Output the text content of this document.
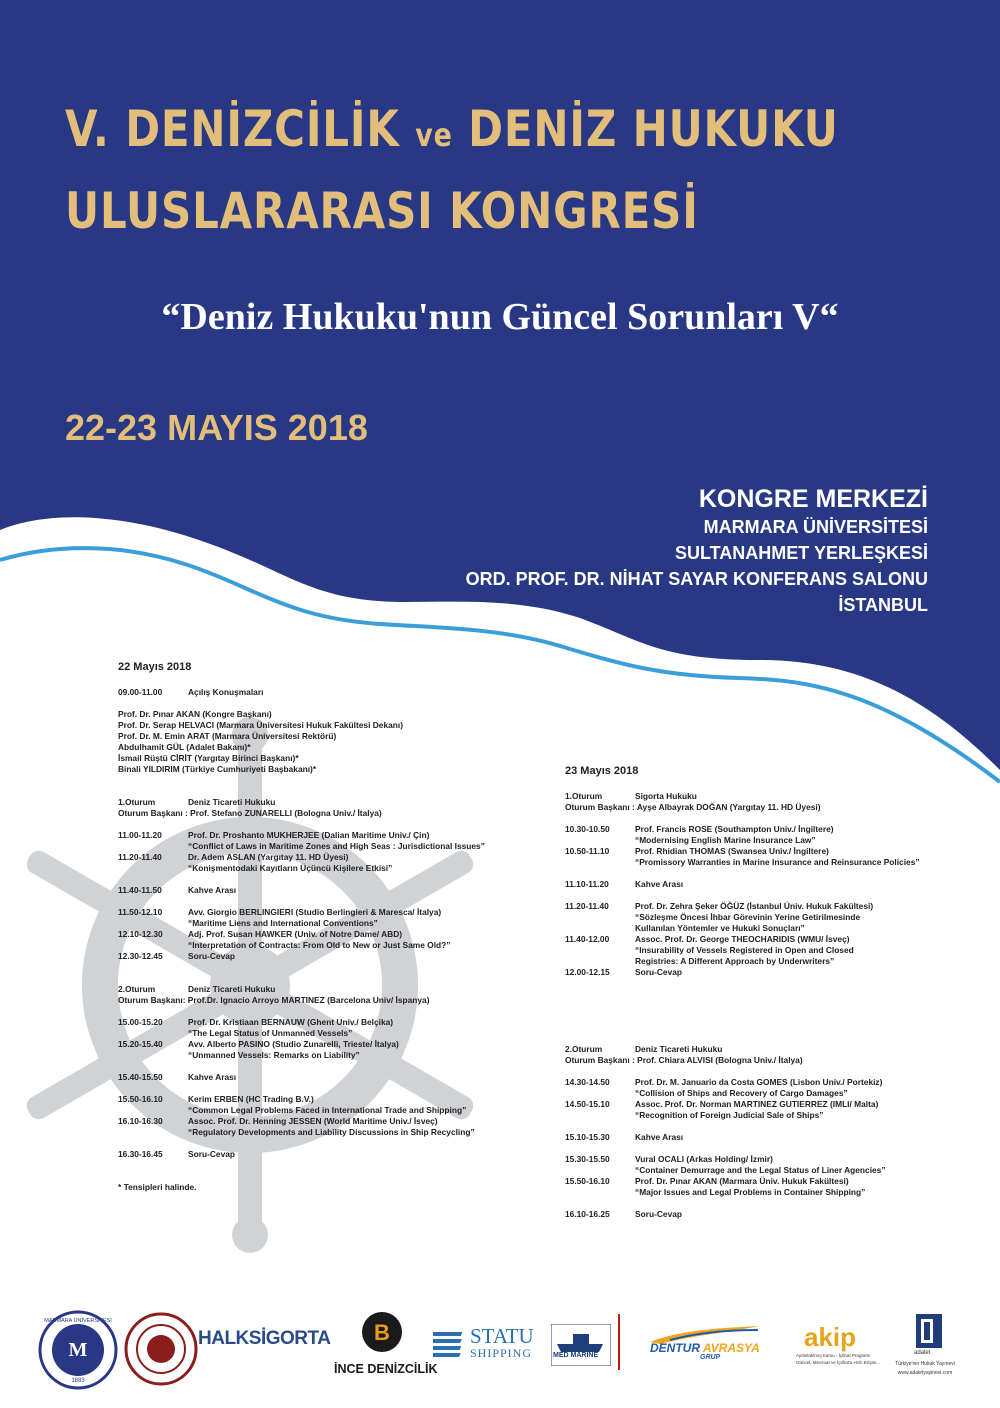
V. DENİZCİLİK ve DENİZ HUKUKU
ULUSLARARASI KONGRESİ
“Deniz Hukuku'nun Güncel Sorunları V“
22-23 MAYIS 2018
KONGRE MERKEZİ
MARMARA ÜNİVERSİTESİ
SULTANAHMET YERLEŞKESİ
ORD. PROF. DR. NİHAT SAYAR KONFERANS SALONU
İSTANBUL
22 Mayıs 2018
09.00-11.00	Açılış Konuşmaları
Prof. Dr. Pınar AKAN (Kongre Başkanı)
Prof. Dr. Serap HELVACI (Marmara Üniversitesi Hukuk Fakültesi Dekanı)
Prof. Dr. M. Emin ARAT (Marmara Üniversitesi Rektörü)
Abdulhamit GÜL (Adalet Bakanı)*
İsmail Rüştü CİRİT (Yargıtay Birinci Başkanı)*
Binali YILDIRIM (Türkiye Cumhuriyeti Başbakanı)*
1.Oturum	Deniz Ticareti Hukuku
Oturum Başkanı : Prof. Stefano ZUNARELLI (Bologna Univ./ İtalya)
11.00-11.20	Prof. Dr. Proshanto MUKHERJEE (Dalian Maritime Univ./ Çin)
“Conflict of Laws in Maritime Zones and High Seas : Jurisdictional Issues”
11.20-11.40	Dr. Adem ASLAN (Yargıtay 11. HD Üyesi)
“Konişmentodaki Kayıtların Üçüncü Kişilere Etkisi”
11.40-11.50	Kahve Arası
11.50-12.10	Avv. Giorgio BERLINGIERI (Studio Berlingieri & Maresca/ İtalya)
“Maritime Liens and International Conventions”
12.10-12.30	Adj. Prof. Susan HAWKER (Univ. of Notre Dame/ ABD)
“Interpretation of Contracts: From Old to New or Just Same Old?”
12.30-12.45	Soru-Cevap
2.Oturum	Deniz Ticareti Hukuku
Oturum Başkanı: Prof.Dr. Ignacio Arroyo MARTINEZ (Barcelona Univ/ İspanya)
15.00-15.20	Prof. Dr. Kristiaan BERNAUW (Ghent Univ./ Belçika)
“The Legal Status of Unmanned Vessels”
15.20-15.40	Avv. Alberto PASINO (Studio Zunarelli, Trieste/ İtalya)
“Unmanned Vessels: Remarks on Liability”
15.40-15.50	Kahve Arası
15.50-16.10	Kerim ERBEN (HC Trading B.V.)
“Common Legal Problems Faced in International Trade and Shipping”
16.10-16.30	Assoc. Prof. Dr. Henning JESSEN (World Maritime Univ./ İsveç)
“Regulatory Developments and Liability Discussions in Ship Recycling”
16.30-16.45	Soru-Cevap
* Tensipleri halinde.
23 Mayıs 2018
1.Oturum	Sigorta Hukuku
Oturum Başkanı : Ayşe Albayrak DOĞAN (Yargıtay 11. HD Üyesi)
10.30-10.50	Prof. Francis ROSE (Southampton Univ./ İngiltere)
“Modernising English Marine Insurance Law”
10.50-11.10	Prof. Rhidian THOMAS (Swansea Univ./ İngiltere)
“Promissory Warranties in Marine Insurance and Reinsurance Policies”
11.10-11.20	Kahve Arası
11.20-11.40	Prof. Dr. Zehra Şeker ÖĞÜZ (İstanbul Üniv. Hukuk Fakültesi)
“Sözleşme Öncesi İhbar Görevinin Yerine Getirilmesinde
Kullanılan Yöntemler ve Hukuki Sonuçları”
11.40-12.00	Assoc. Prof. Dr. George THEOCHARIDIS (WMU/ İsveç)
“Insurability of Vessels Registered in Open and Closed
Registries: A Different Approach by Underwriters”
12.00-12.15	Soru-Cevap
2.Oturum	Deniz Ticareti Hukuku
Oturum Başkanı : Prof. Chiara ALVISI (Bologna Univ./ İtalya)
14.30-14.50	Prof. Dr. M. Januario da Costa GOMES (Lisbon Univ./ Portekiz)
“Collision of Ships and Recovery of Cargo Damages”
14.50-15.10	Assoc. Prof. Dr. Norman MARTINEZ GUTIERREZ (IMLI/ Malta)
“Recognition of Foreign Judicial Sale of Ships”
15.10-15.30	Kahve Arası
15.30-15.50	Vural OCALI (Arkas Holding/ İzmir)
“Container Demurrage and the Legal Status of Liner Agencies”
15.50-16.10	Prof. Dr. Pınar AKAN (Marmara Üniv. Hukuk Fakültesi)
“Major Issues and Legal Problems in Container Shipping”
16.10-16.25	Soru-Cevap
M
1883
MARMARA ÜNİVERSİTESİ
HALKSİGORTA B
İNCE DENİZCİLİK
STATU
SHIPPING	MED MARINE
DENTUR AVRASYA
GRUP
akip
Aydınlatılmış Kamu - İçtihat Programı
Güncel, Mevzuat ve İçtihat'a Hızlı Erişim...
adalet
Türkiye'nin Hukuk Yayınevi
www.adaletyayinevi.com
